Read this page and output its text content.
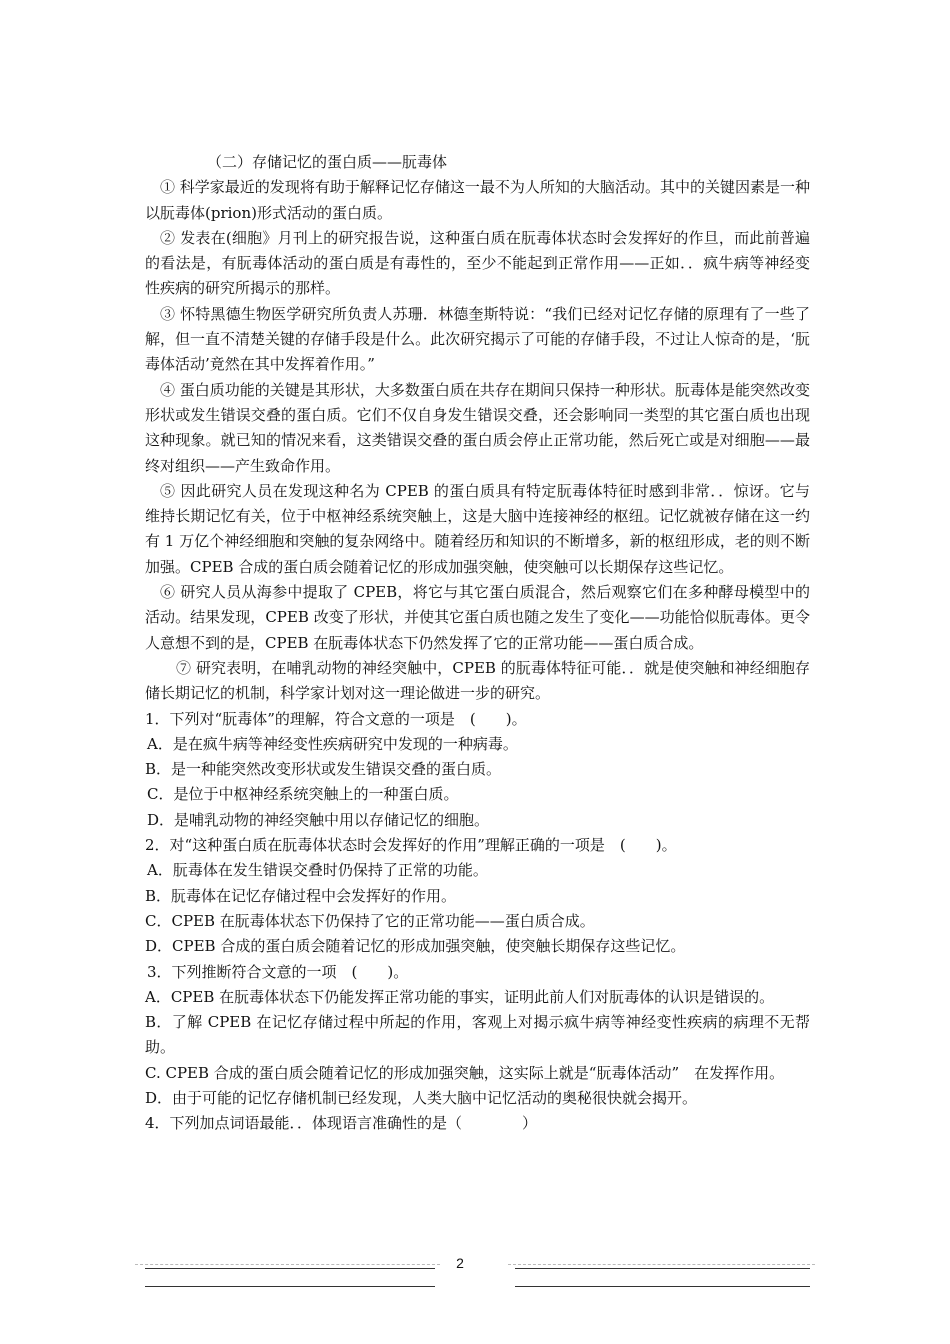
（二）存储记忆的蛋白质——朊毒体

① 科学家最近的发现将有助于解释记忆存储这一最不为人所知的大脑活动。其中的关键因素是一种以朊毒体(prion)形式活动的蛋白质。

② 发表在(细胞》月刊上的研究报告说，这种蛋白质在朊毒体状态时会发挥好的作旦，而此前普遍的看法是，有朊毒体活动的蛋白质是有毒性的，至少不能起到正常作用——正如．．疯牛病等神经变性疾病的研究所揭示的那样。

③ 怀特黑德生物医学研究所负责人苏珊．林德奎斯特说：“我们已经对记忆存储的原理有了一些了解，但一直不清楚关键的存储手段是什么。此次研究揭示了可能的存储手段，不过让人惊奇的是，‘朊毒体活动’竟然在其中发挥着作用。”

④ 蛋白质功能的关键是其形状，大多数蛋白质在共存在期间只保持一种形状。朊毒体是能突然改变形状或发生错误交叠的蛋白质。它们不仅自身发生错误交叠，还会影响同一类型的其它蛋白质也出现这种现象。就已知的情况来看，这类错误交叠的蛋白质会停止正常功能，然后死亡或是对细胞——最终对组织——产生致命作用。

⑤ 因此研究人员在发现这种名为 CPEB 的蛋白质具有特定朊毒体特征时感到非常．．惊讶。它与维持长期记忆有关，位于中枢神经系统突触上，这是大脑中连接神经的枢纽。记忆就被存储在这一约有 1 万亿个神经细胞和突触的复杂网络中。随着经历和知识的不断增多，新的枢纽形成，老的则不断加强。CPEB 合成的蛋白质会随着记忆的形成加强突触，使突触可以长期保存这些记忆。

⑥ 研究人员从海参中提取了 CPEB，将它与其它蛋白质混合，然后观察它们在多种酵母模型中的活动。结果发现，CPEB 改变了形状，并使其它蛋白质也随之发生了变化——功能恰似朊毒体。更令人意想不到的是，CPEB 在朊毒体状态下仍然发挥了它的正常功能——蛋白质合成。

⑦ 研究表明，在哺乳动物的神经突触中，CPEB 的朊毒体特征可能．．就是使突触和神经细胞存储长期记忆的机制，科学家计划对这一理论做进一步的研究。

1．下列对“朊毒体”的理解，符合文意的一项是　(　　)。

A．是在疯牛病等神经变性疾病研究中发现的一种病毒。

B．是一种能突然改变形状或发生错误交叠的蛋白质。

C．是位于中枢神经系统突触上的一种蛋白质。

D．是哺乳动物的神经突触中用以存储记忆的细胞。

2．对“这种蛋白质在朊毒体状态时会发挥好的作用”理解正确的一项是　(　　)。

A．朊毒体在发生错误交叠时仍保持了正常的功能。

B．朊毒体在记忆存储过程中会发挥好的作用。

C．CPEB 在朊毒体状态下仍保持了它的正常功能——蛋白质合成。

D．CPEB 合成的蛋白质会随着记忆的形成加强突触，使突触长期保存这些记忆。

3．下列推断符合文意的一项　(　　)。

A．CPEB 在朊毒体状态下仍能发挥正常功能的事实，证明此前人们对朊毒体的认识是错误的。

B．了解 CPEB 在记忆存储过程中所起的作用，客观上对揭示疯牛病等神经变性疾病的病理不无帮助。

C. CPEB 合成的蛋白质会随着记忆的形成加强突触，这实际上就是“朊毒体活动”　在发挥作用。

D．由于可能的记忆存储机制已经发现，人类大脑中记忆活动的奥秘很快就会揭开。

4．下列加点词语最能．．体现语言准确性的是（　　　　）

2
